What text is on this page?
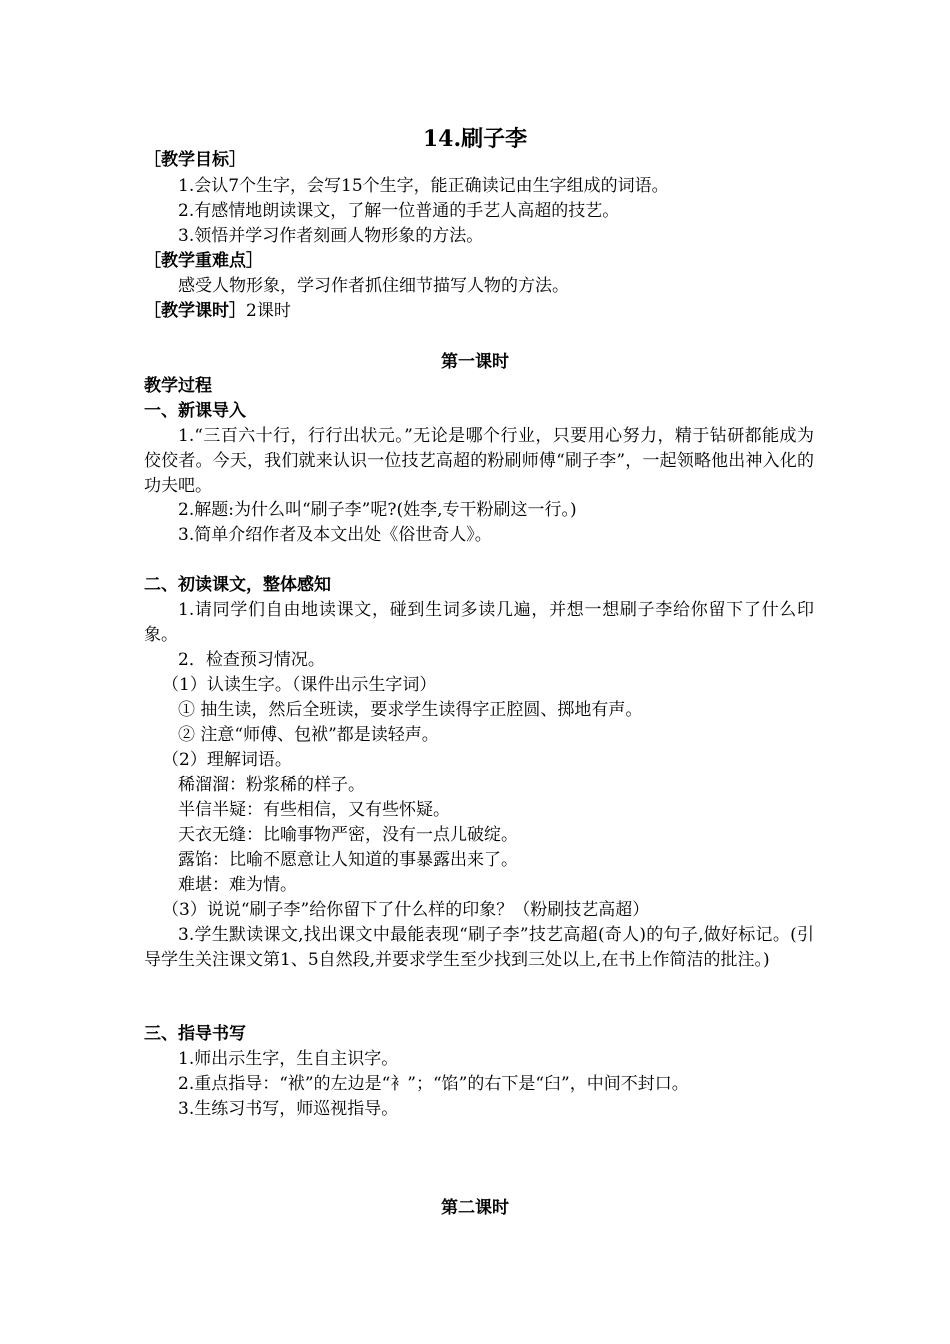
14.刷子李
［教学目标］
1.会认7个生字，会写15个生字，能正确读记由生字组成的词语。
2.有感情地朗读课文，了解一位普通的手艺人高超的技艺。
3.领悟并学习作者刻画人物形象的方法。
［教学重难点］
感受人物形象，学习作者抓住细节描写人物的方法。
［教学课时］2课时
第一课时
教学过程
一、新课导入
1.“三百六十行，行行出状元。”无论是哪个行业，只要用心努力，精于钻研都能成为佼佼者。今天，我们就来认识一位技艺高超的粉刷师傅“刷子李”，一起领略他出神入化的功夫吧。
2.解题:为什么叫“刷子李”呢?(姓李,专干粉刷这一行。)
3.简单介绍作者及本文出处《俗世奇人》。
二、初读课文，整体感知
1.请同学们自由地读课文，碰到生词多读几遍，并想一想刷子李给你留下了什么印象。
2．检查预习情况。
（1）认读生字。（课件出示生字词）
① 抽生读，然后全班读，要求学生读得字正腔圆、掷地有声。
② 注意“师傅、包袱”都是读轻声。
（2）理解词语。
稀溜溜：粉浆稀的样子。
半信半疑：有些相信，又有些怀疑。
天衣无缝：比喻事物严密，没有一点儿破绽。
露馅：比喻不愿意让人知道的事暴露出来了。
难堪：难为情。
（3）说说“刷子李”给你留下了什么样的印象？（粉刷技艺高超）
3.学生默读课文,找出课文中最能表现“刷子李”技艺高超(奇人)的句子,做好标记。(引导学生关注课文第1、5自然段,并要求学生至少找到三处以上,在书上作简洁的批注。)
三、指导书写
1.师出示生字，生自主识字。
2.重点指导：“袱”的左边是“衤”；“馅”的右下是“臼”，中间不封口。
3.生练习书写，师巡视指导。
第二课时
